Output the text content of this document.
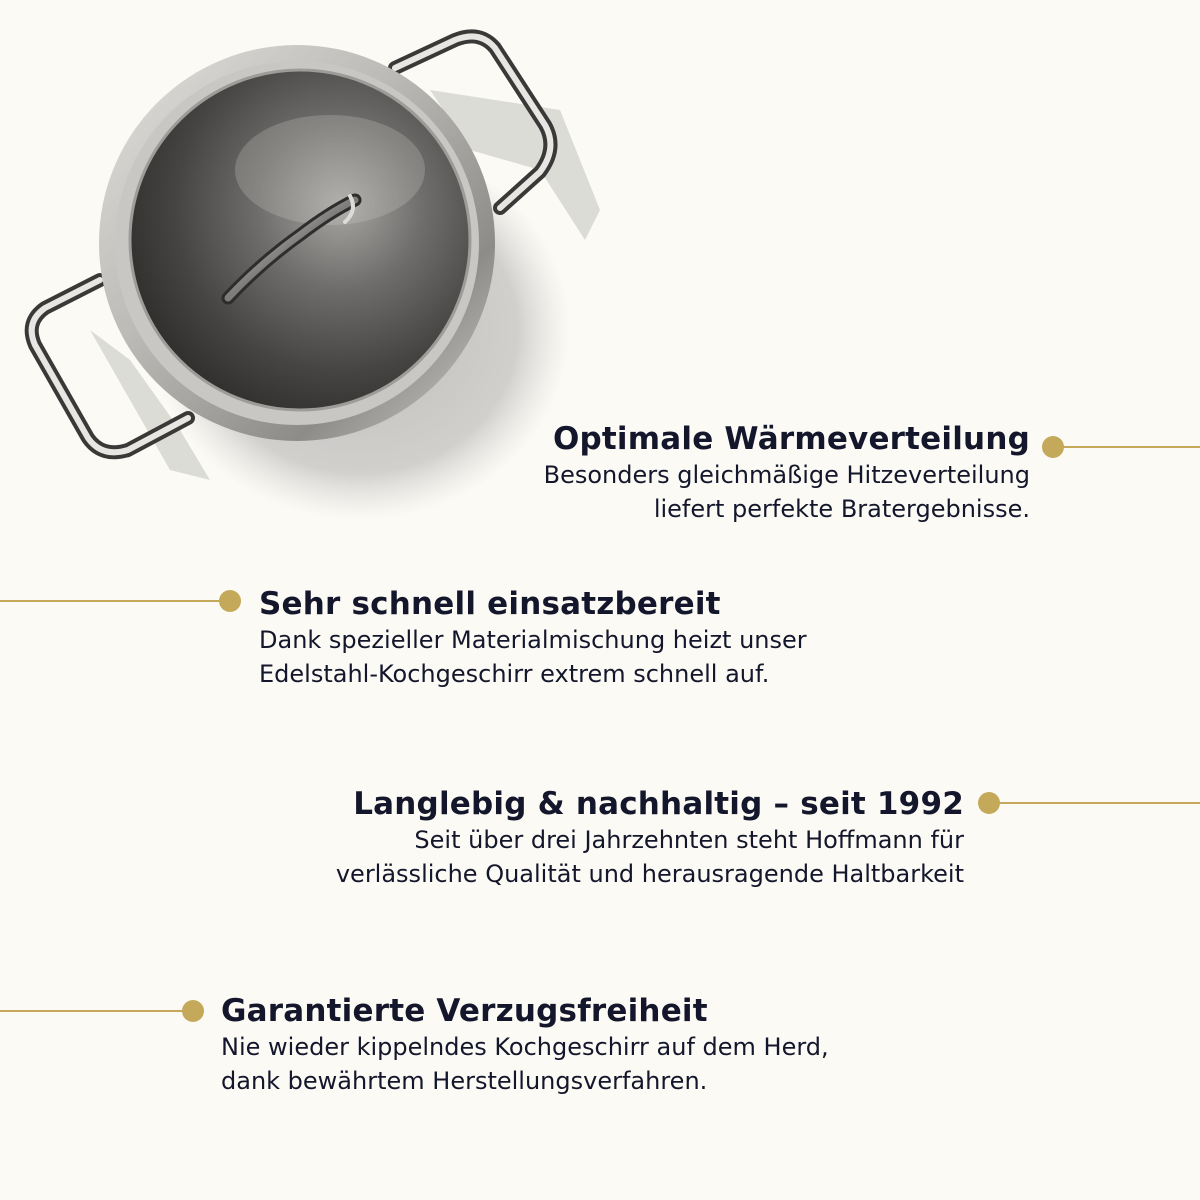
Optimale Wärmeverteilung

Besonders gleichmäßige Hitzeverteilung

liefert perfekte Bratergebnisse.

Sehr schnell einsatzbereit

Dank spezieller Materialmischung heizt unser

Edelstahl-Kochgeschirr extrem schnell auf.

Langlebig & nachhaltig – seit 1992

Seit über drei Jahrzehnten steht Hoffmann für

verlässliche Qualität und herausragende Haltbarkeit

Garantierte Verzugsfreiheit

Nie wieder kippelndes Kochgeschirr auf dem Herd,

dank bewährtem Herstellungsverfahren.
